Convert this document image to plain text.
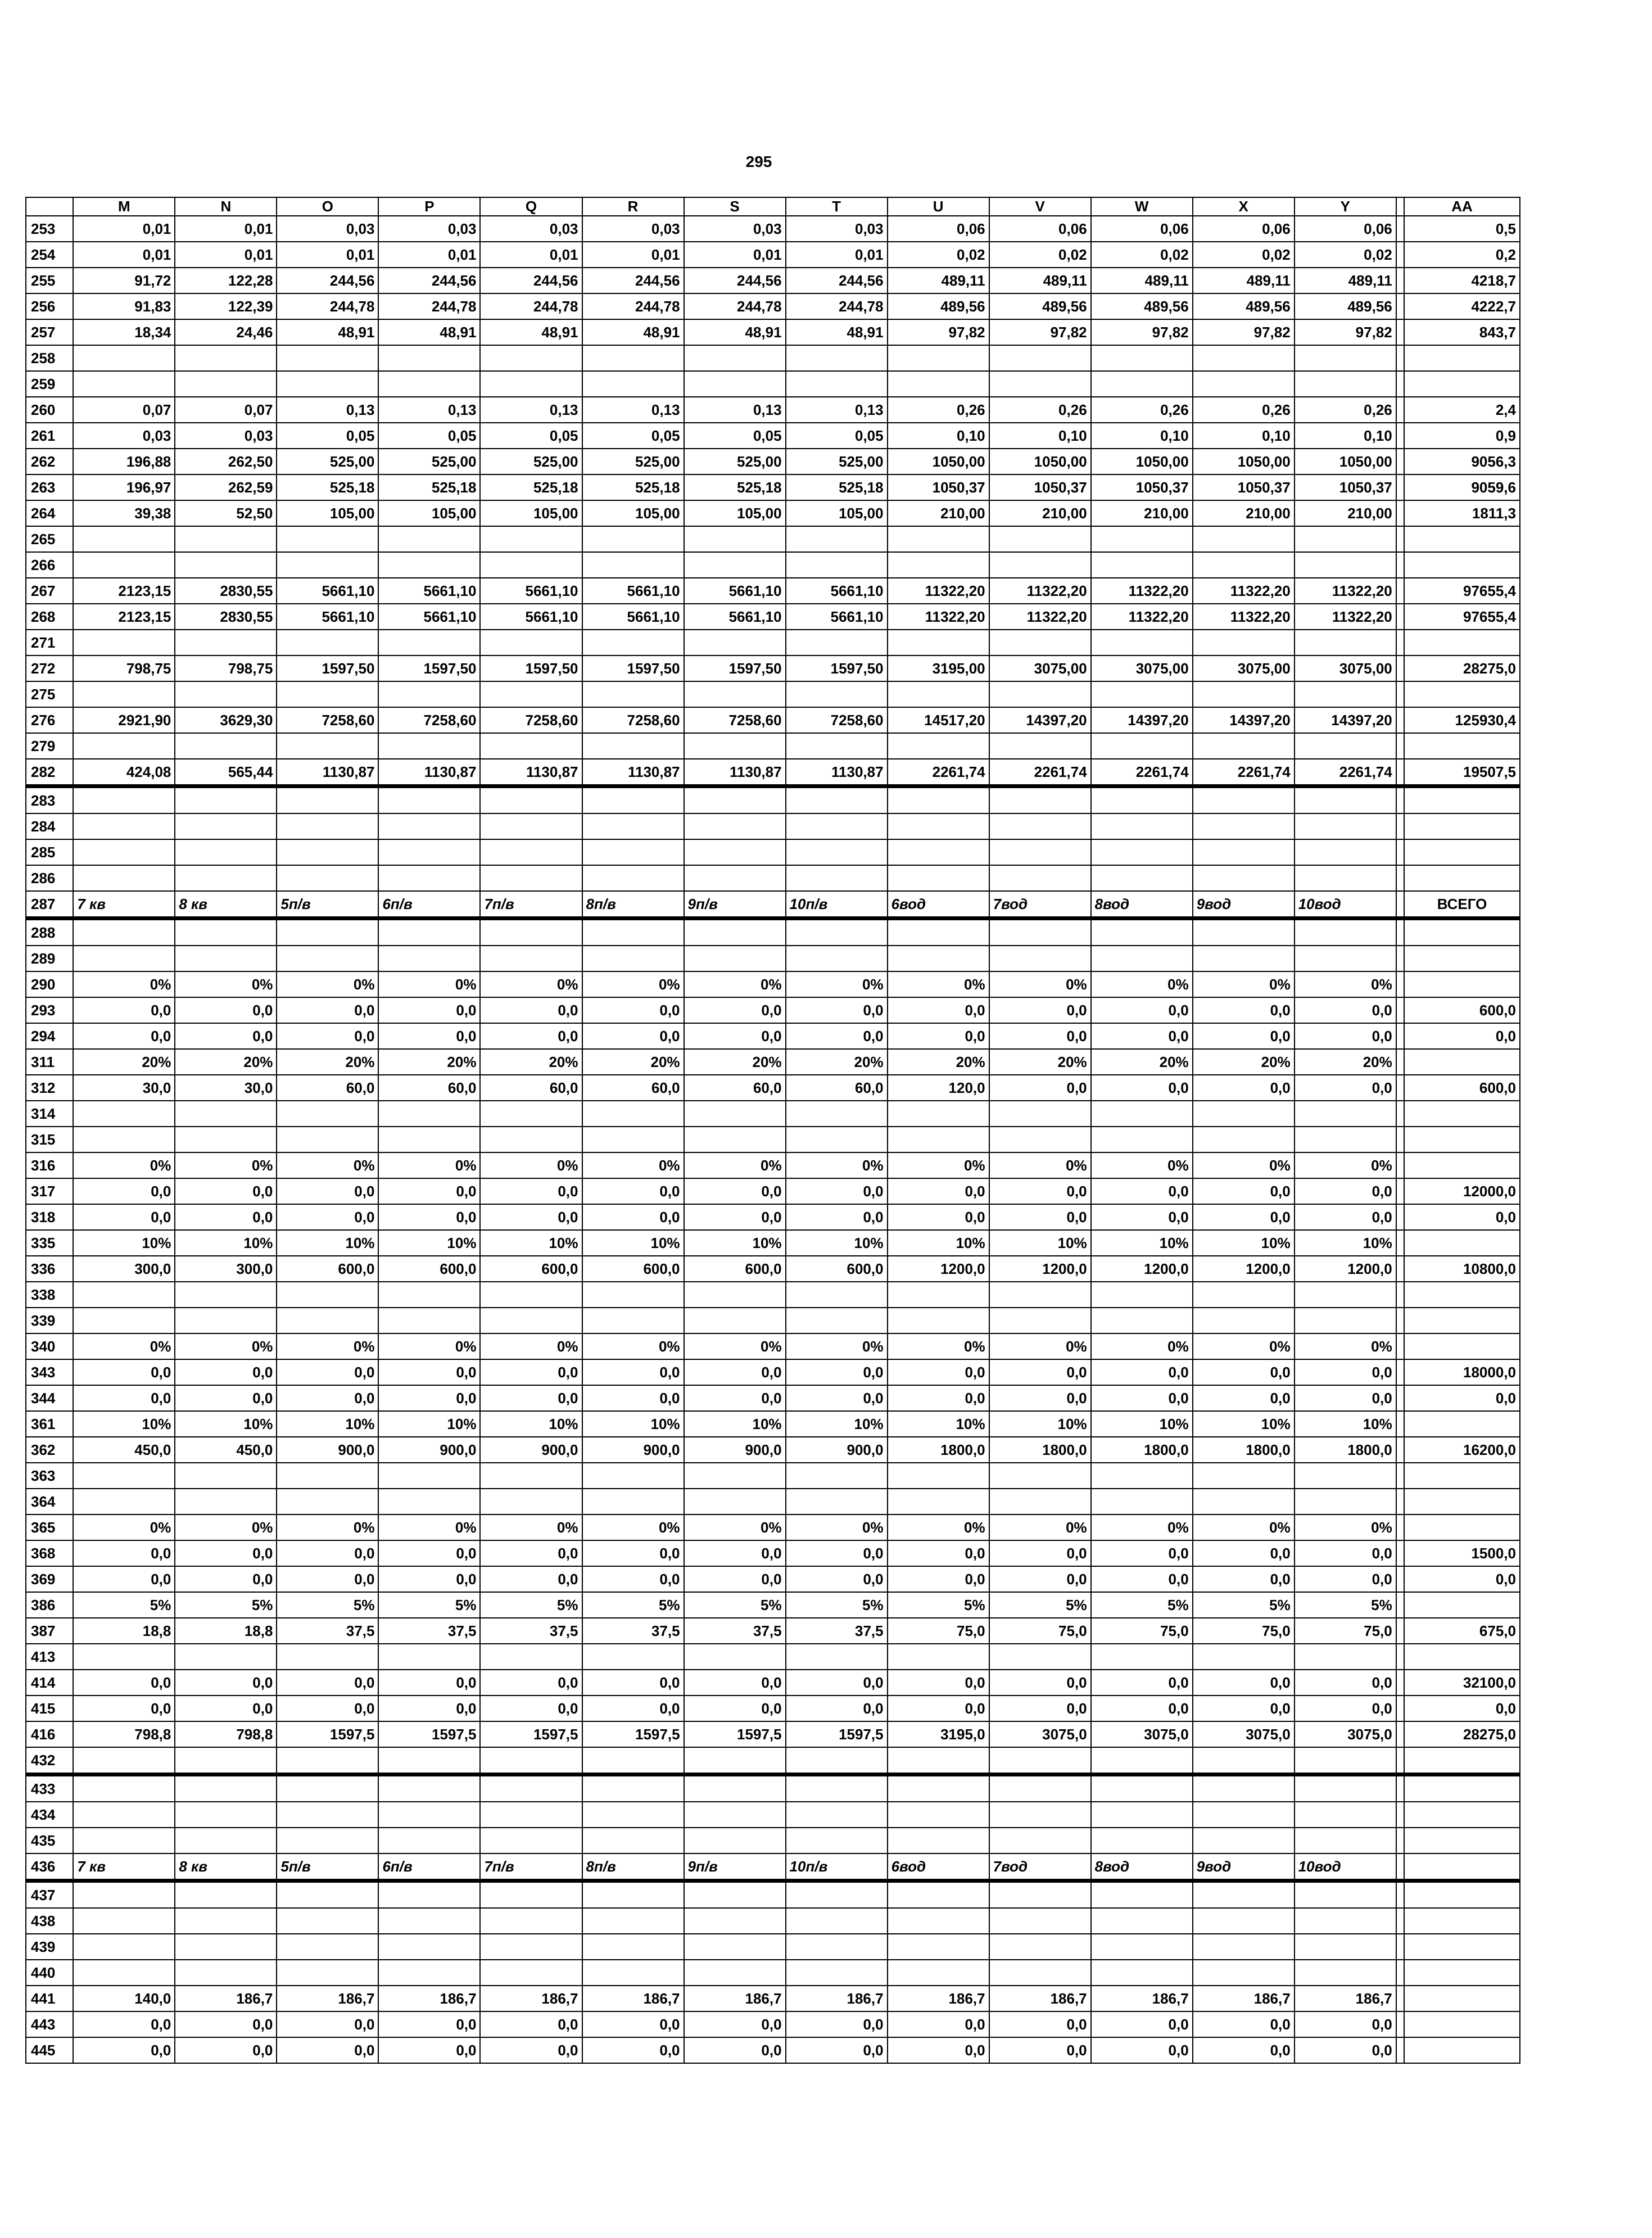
295
	M	N	O	P	Q	R	S	T	U	V	W	X	Y		AA
253	0,01	0,01	0,03	0,03	0,03	0,03	0,03	0,03	0,06	0,06	0,06	0,06	0,06		0,5
254	0,01	0,01	0,01	0,01	0,01	0,01	0,01	0,01	0,02	0,02	0,02	0,02	0,02		0,2
255	91,72	122,28	244,56	244,56	244,56	244,56	244,56	244,56	489,11	489,11	489,11	489,11	489,11		4218,7
256	91,83	122,39	244,78	244,78	244,78	244,78	244,78	244,78	489,56	489,56	489,56	489,56	489,56		4222,7
257	18,34	24,46	48,91	48,91	48,91	48,91	48,91	48,91	97,82	97,82	97,82	97,82	97,82		843,7
258															
259															
260	0,07	0,07	0,13	0,13	0,13	0,13	0,13	0,13	0,26	0,26	0,26	0,26	0,26		2,4
261	0,03	0,03	0,05	0,05	0,05	0,05	0,05	0,05	0,10	0,10	0,10	0,10	0,10		0,9
262	196,88	262,50	525,00	525,00	525,00	525,00	525,00	525,00	1050,00	1050,00	1050,00	1050,00	1050,00		9056,3
263	196,97	262,59	525,18	525,18	525,18	525,18	525,18	525,18	1050,37	1050,37	1050,37	1050,37	1050,37		9059,6
264	39,38	52,50	105,00	105,00	105,00	105,00	105,00	105,00	210,00	210,00	210,00	210,00	210,00		1811,3
265															
266															
267	2123,15	2830,55	5661,10	5661,10	5661,10	5661,10	5661,10	5661,10	11322,20	11322,20	11322,20	11322,20	11322,20		97655,4
268	2123,15	2830,55	5661,10	5661,10	5661,10	5661,10	5661,10	5661,10	11322,20	11322,20	11322,20	11322,20	11322,20		97655,4
271															
272	798,75	798,75	1597,50	1597,50	1597,50	1597,50	1597,50	1597,50	3195,00	3075,00	3075,00	3075,00	3075,00		28275,0
275															
276	2921,90	3629,30	7258,60	7258,60	7258,60	7258,60	7258,60	7258,60	14517,20	14397,20	14397,20	14397,20	14397,20		125930,4
279															
282	424,08	565,44	1130,87	1130,87	1130,87	1130,87	1130,87	1130,87	2261,74	2261,74	2261,74	2261,74	2261,74		19507,5
283															
284															
285															
286															
287	7 кв	8 кв	5п/в	6п/в	7п/в	8п/в	9п/в	10п/в	6вод	7вод	8вод	9вод	10вод		ВСЕГО
288															
289															
290	0%	0%	0%	0%	0%	0%	0%	0%	0%	0%	0%	0%	0%		
293	0,0	0,0	0,0	0,0	0,0	0,0	0,0	0,0	0,0	0,0	0,0	0,0	0,0		600,0
294	0,0	0,0	0,0	0,0	0,0	0,0	0,0	0,0	0,0	0,0	0,0	0,0	0,0		0,0
311	20%	20%	20%	20%	20%	20%	20%	20%	20%	20%	20%	20%	20%		
312	30,0	30,0	60,0	60,0	60,0	60,0	60,0	60,0	120,0	0,0	0,0	0,0	0,0		600,0
314															
315															
316	0%	0%	0%	0%	0%	0%	0%	0%	0%	0%	0%	0%	0%		
317	0,0	0,0	0,0	0,0	0,0	0,0	0,0	0,0	0,0	0,0	0,0	0,0	0,0		12000,0
318	0,0	0,0	0,0	0,0	0,0	0,0	0,0	0,0	0,0	0,0	0,0	0,0	0,0		0,0
335	10%	10%	10%	10%	10%	10%	10%	10%	10%	10%	10%	10%	10%		
336	300,0	300,0	600,0	600,0	600,0	600,0	600,0	600,0	1200,0	1200,0	1200,0	1200,0	1200,0		10800,0
338															
339															
340	0%	0%	0%	0%	0%	0%	0%	0%	0%	0%	0%	0%	0%		
343	0,0	0,0	0,0	0,0	0,0	0,0	0,0	0,0	0,0	0,0	0,0	0,0	0,0		18000,0
344	0,0	0,0	0,0	0,0	0,0	0,0	0,0	0,0	0,0	0,0	0,0	0,0	0,0		0,0
361	10%	10%	10%	10%	10%	10%	10%	10%	10%	10%	10%	10%	10%		
362	450,0	450,0	900,0	900,0	900,0	900,0	900,0	900,0	1800,0	1800,0	1800,0	1800,0	1800,0		16200,0
363															
364															
365	0%	0%	0%	0%	0%	0%	0%	0%	0%	0%	0%	0%	0%		
368	0,0	0,0	0,0	0,0	0,0	0,0	0,0	0,0	0,0	0,0	0,0	0,0	0,0		1500,0
369	0,0	0,0	0,0	0,0	0,0	0,0	0,0	0,0	0,0	0,0	0,0	0,0	0,0		0,0
386	5%	5%	5%	5%	5%	5%	5%	5%	5%	5%	5%	5%	5%		
387	18,8	18,8	37,5	37,5	37,5	37,5	37,5	37,5	75,0	75,0	75,0	75,0	75,0		675,0
413															
414	0,0	0,0	0,0	0,0	0,0	0,0	0,0	0,0	0,0	0,0	0,0	0,0	0,0		32100,0
415	0,0	0,0	0,0	0,0	0,0	0,0	0,0	0,0	0,0	0,0	0,0	0,0	0,0		0,0
416	798,8	798,8	1597,5	1597,5	1597,5	1597,5	1597,5	1597,5	3195,0	3075,0	3075,0	3075,0	3075,0		28275,0
432															
433															
434															
435															
436	7 кв	8 кв	5п/в	6п/в	7п/в	8п/в	9п/в	10п/в	6вод	7вод	8вод	9вод	10вод		
437															
438															
439															
440															
441	140,0	186,7	186,7	186,7	186,7	186,7	186,7	186,7	186,7	186,7	186,7	186,7	186,7		
443	0,0	0,0	0,0	0,0	0,0	0,0	0,0	0,0	0,0	0,0	0,0	0,0	0,0		
445	0,0	0,0	0,0	0,0	0,0	0,0	0,0	0,0	0,0	0,0	0,0	0,0	0,0		
